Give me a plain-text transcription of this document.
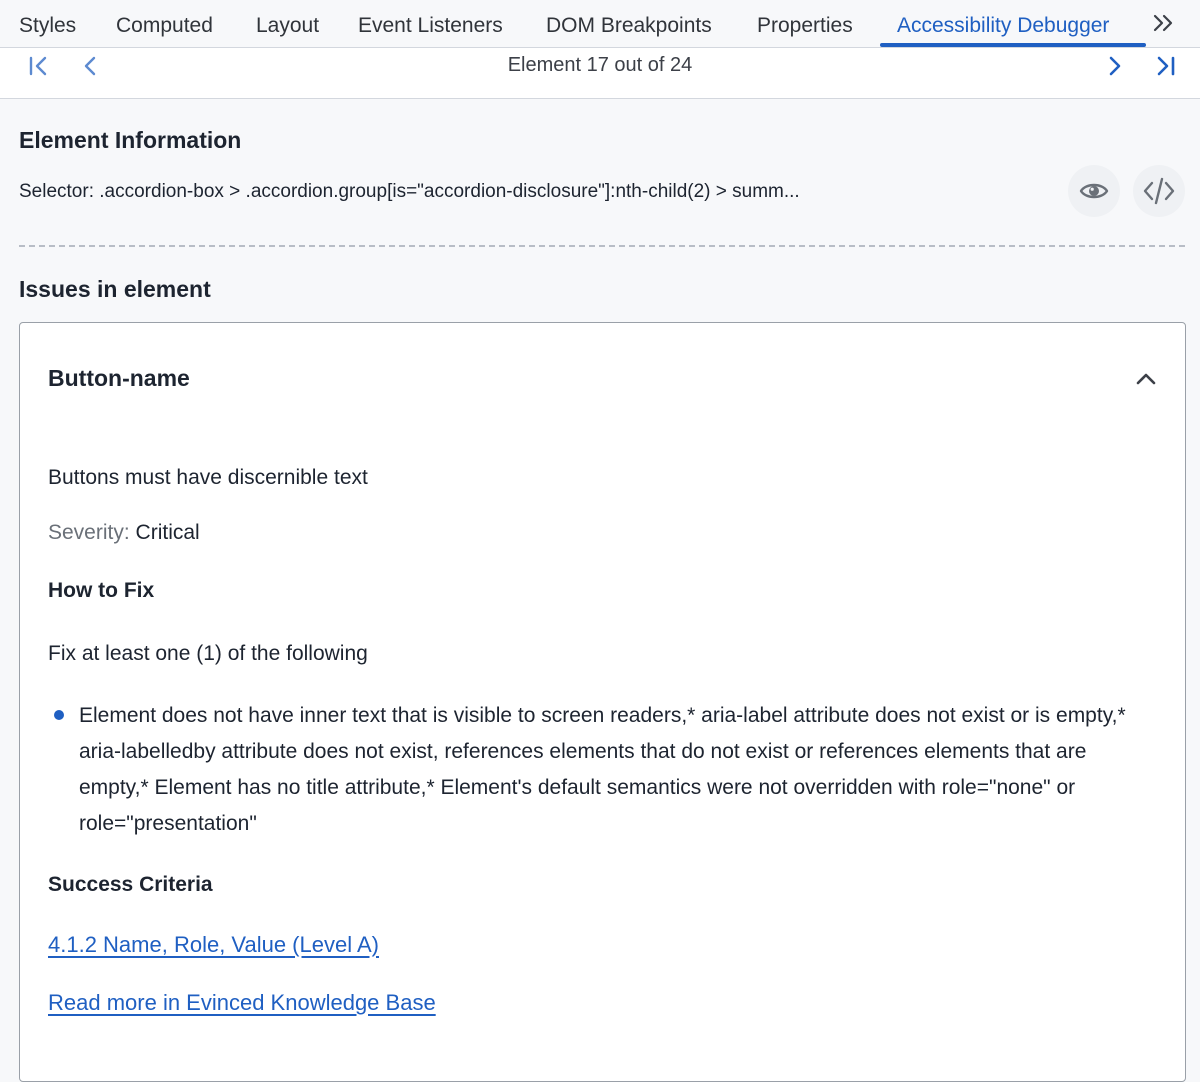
Styles Computed Layout Event Listeners DOM Breakpoints Properties Accessibility Debugger
Element 17 out of 24
Element Information
Selector: .accordion-box > .accordion.group[is="accordion-disclosure"]:nth-child(2) > summ...
Issues in element
Button-name
Buttons must have discernible text
Severity: Critical
How to Fix
Fix at least one (1) of the following
Element does not have inner text that is visible to screen readers,* aria-label attribute does not exist or is empty,* aria-labelledby attribute does not exist, references elements that do not exist or references elements that are empty,* Element has no title attribute,* Element's default semantics were not overridden with role="none" or role="presentation"
Success Criteria
4.1.2 Name, Role, Value (Level A)
Read more in Evinced Knowledge Base
